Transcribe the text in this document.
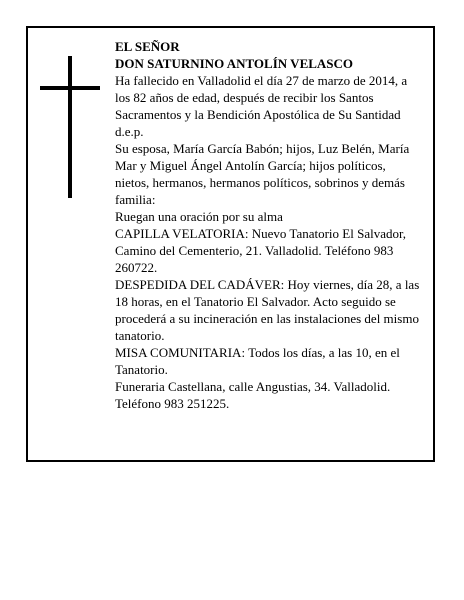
EL SEÑOR

DON SATURNINO ANTOLÍN VELASCO

Ha fallecido en Valladolid el día 27 de marzo de 2014, a los 82 años de edad, después de recibir los Santos Sacramentos y la Bendición Apostólica de Su Santidad d.e.p.

Su esposa, María García Babón; hijos, Luz Belén, María Mar y Miguel Ángel Antolín García; hijos políticos, nietos, hermanos, hermanos políticos, sobrinos y demás familia:

Ruegan una oración por su alma

CAPILLA VELATORIA: Nuevo Tanatorio El Salvador, Camino del Cementerio, 21. Valladolid. Teléfono 983 260722.

DESPEDIDA DEL CADÁVER: Hoy viernes, día 28, a las 18 horas, en el Tanatorio El Salvador. Acto seguido se procederá a su incineración en las instalaciones del mismo tanatorio.

MISA COMUNITARIA: Todos los días, a las 10, en el Tanatorio.

Funeraria Castellana, calle Angustias, 34. Valladolid. Teléfono 983 251225.
